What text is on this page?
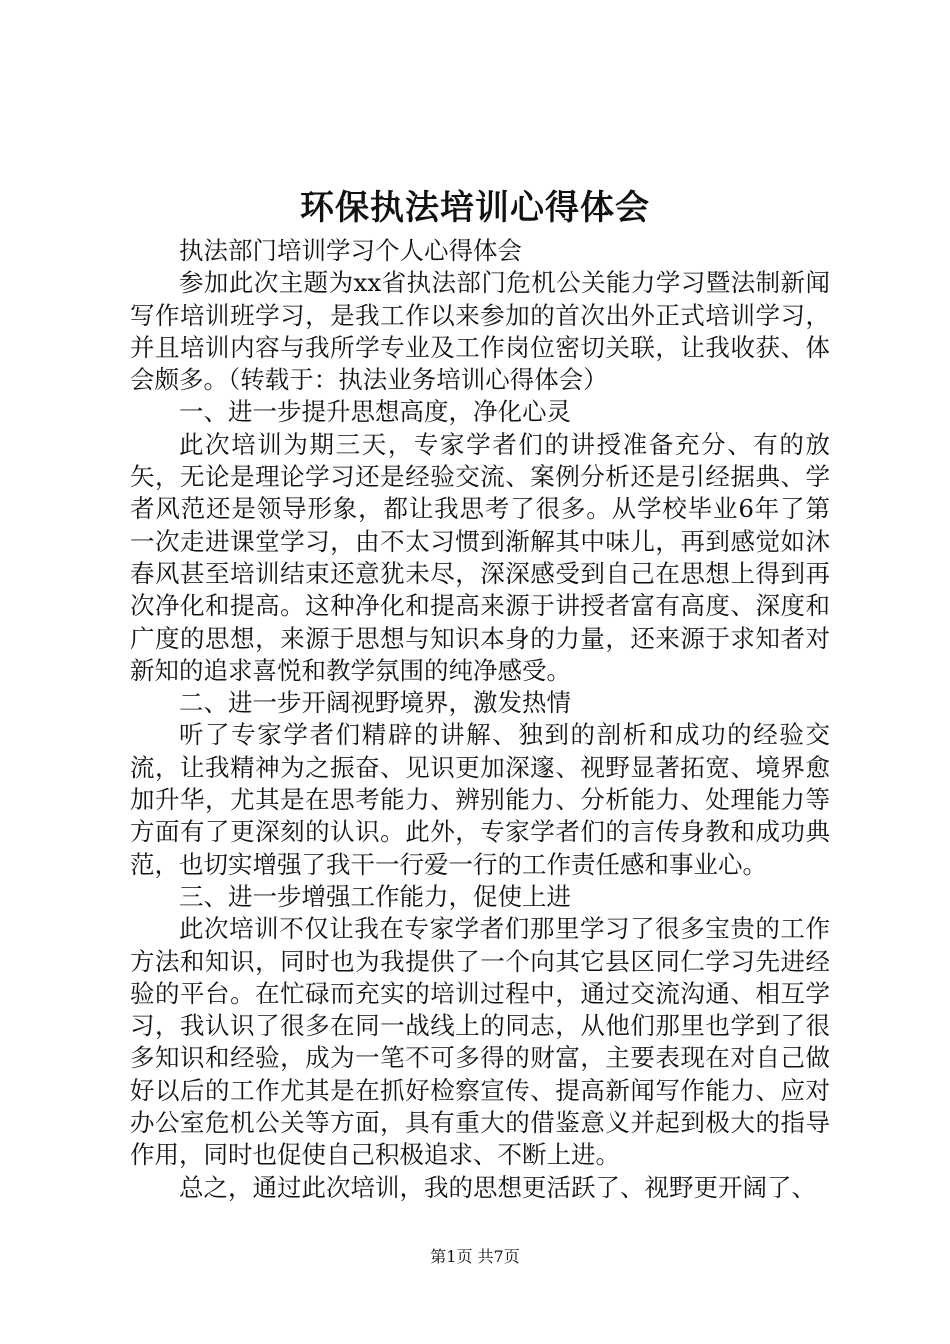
环保执法培训心得体会

执法部门培训学习个人心得体会

参加此次主题为xx省执法部门危机公关能力学习暨法制新闻写作培训班学习，是我工作以来参加的首次出外正式培训学习，并且培训内容与我所学专业及工作岗位密切关联，让我收获、体会颇多。（转载于：执法业务培训心得体会）

一、进一步提升思想高度，净化心灵

此次培训为期三天，专家学者们的讲授准备充分、有的放矢，无论是理论学习还是经验交流、案例分析还是引经据典、学者风范还是领导形象，都让我思考了很多。从学校毕业6年了第一次走进课堂学习，由不太习惯到渐解其中味儿，再到感觉如沐春风甚至培训结束还意犹未尽，深深感受到自己在思想上得到再次净化和提高。这种净化和提高来源于讲授者富有高度、深度和广度的思想，来源于思想与知识本身的力量，还来源于求知者对新知的追求喜悦和教学氛围的纯净感受。

二、进一步开阔视野境界，激发热情

听了专家学者们精辟的讲解、独到的剖析和成功的经验交流，让我精神为之振奋、见识更加深邃、视野显著拓宽、境界愈加升华，尤其是在思考能力、辨别能力、分析能力、处理能力等方面有了更深刻的认识。此外，专家学者们的言传身教和成功典范，也切实增强了我干一行爱一行的工作责任感和事业心。

三、进一步增强工作能力，促使上进

此次培训不仅让我在专家学者们那里学习了很多宝贵的工作方法和知识，同时也为我提供了一个向其它县区同仁学习先进经验的平台。在忙碌而充实的培训过程中，通过交流沟通、相互学习，我认识了很多在同一战线上的同志，从他们那里也学到了很多知识和经验，成为一笔不可多得的财富，主要表现在对自己做好以后的工作尤其是在抓好检察宣传、提高新闻写作能力、应对办公室危机公关等方面，具有重大的借鉴意义并起到极大的指导作用，同时也促使自己积极追求、不断上进。

总之，通过此次培训，我的思想更活跃了、视野更开阔了、

第1页 共7页
